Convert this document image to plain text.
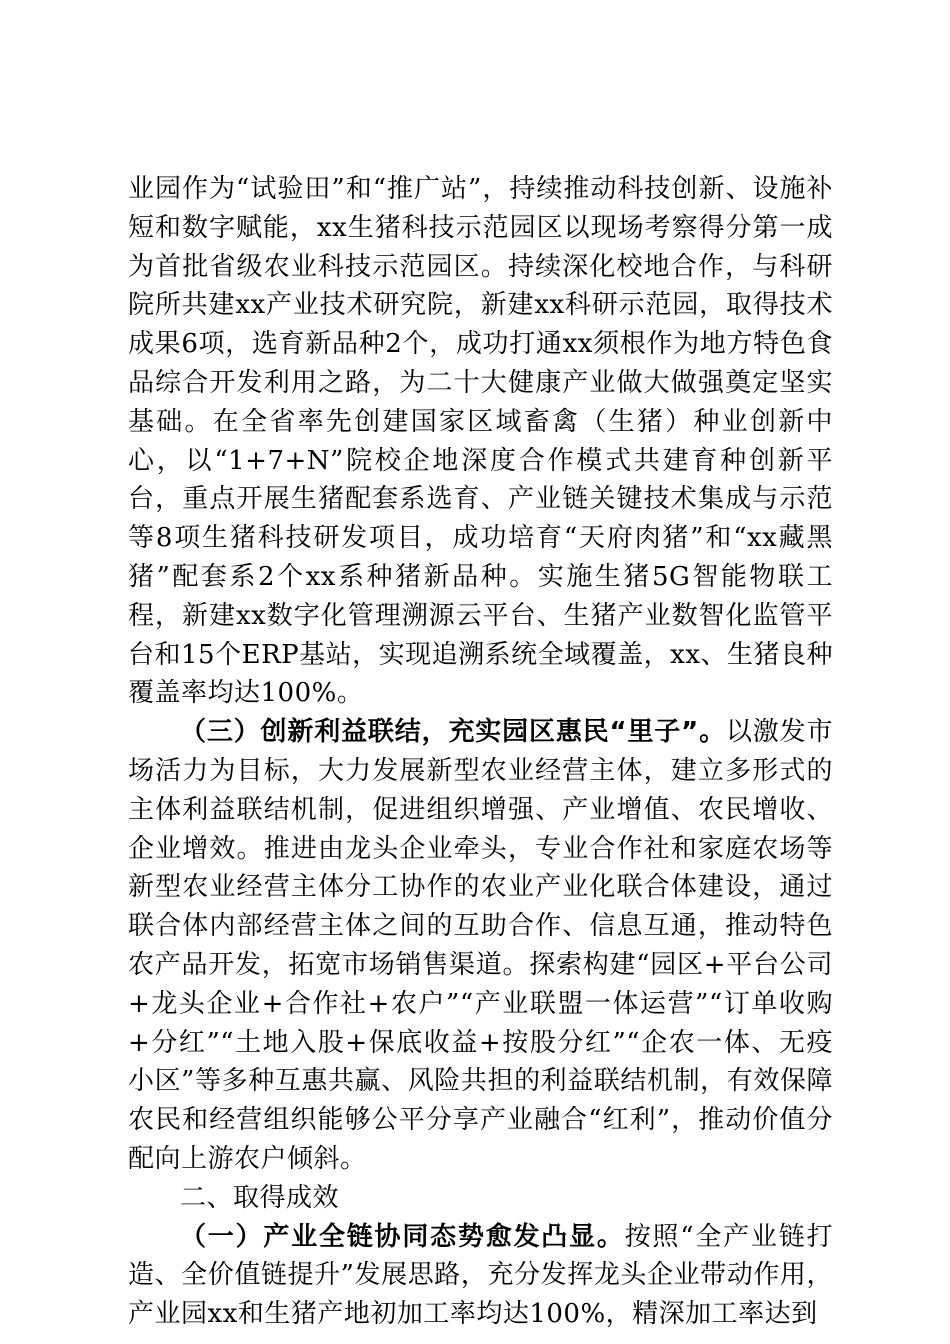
业园作为“试验田”和“推广站”，持续推动科技创新、设施补短和数字赋能，xx生猪科技示范园区以现场考察得分第一成为首批省级农业科技示范园区。持续深化校地合作，与科研院所共建xx产业技术研究院，新建xx科研示范园，取得技术成果6项，选育新品种2个，成功打通xx须根作为地方特色食品综合开发利用之路，为二十大健康产业做大做强奠定坚实基础。在全省率先创建国家区域畜禽（生猪）种业创新中心，以“1+7+N”院校企地深度合作模式共建育种创新平台，重点开展生猪配套系选育、产业链关键技术集成与示范等8项生猪科技研发项目，成功培育“天府肉猪”和“xx藏黑猪”配套系2个xx系种猪新品种。实施生猪5G智能物联工程，新建xx数字化管理溯源云平台、生猪产业数智化监管平台和15个ERP基站，实现追溯系统全域覆盖，xx、生猪良种覆盖率均达100%。

（三）创新利益联结，充实园区惠民“里子”。以激发市场活力为目标，大力发展新型农业经营主体，建立多形式的主体利益联结机制，促进组织增强、产业增值、农民增收、企业增效。推进由龙头企业牵头，专业合作社和家庭农场等新型农业经营主体分工协作的农业产业化联合体建设，通过联合体内部经营主体之间的互助合作、信息互通，推动特色农产品开发，拓宽市场销售渠道。探索构建“园区+平台公司+龙头企业+合作社+农户”“产业联盟一体运营”“订单收购+分红”“土地入股+保底收益+按股分红”“企农一体、无疫小区”等多种互惠共赢、风险共担的利益联结机制，有效保障农民和经营组织能够公平分享产业融合“红利”，推动价值分配向上游农户倾斜。

二、取得成效

（一）产业全链协同态势愈发凸显。按照“全产业链打造、全价值链提升”发展思路，充分发挥龙头企业带动作用，产业园xx和生猪产地初加工率均达100%，精深加工率达到
